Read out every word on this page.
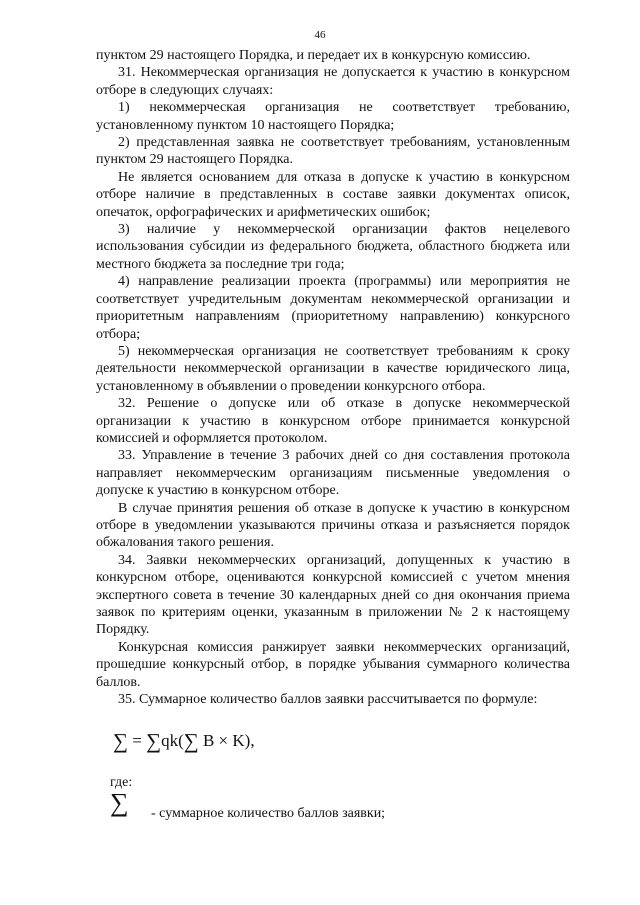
46

пунктом 29 настоящего Порядка, и передает их в конкурсную комиссию.

31. Некоммерческая организация не допускается к участию в конкурсном отборе в следующих случаях:

1) некоммерческая организация не соответствует требованию, установленному пунктом 10 настоящего Порядка;

2) представленная заявка не соответствует требованиям, установленным пунктом 29 настоящего Порядка.

Не является основанием для отказа в допуске к участию в конкурсном отборе наличие в представленных в составе заявки документах описок, опечаток, орфографических и арифметических ошибок;

3) наличие у некоммерческой организации фактов нецелевого использования субсидии из федерального бюджета, областного бюджета или местного бюджета за последние три года;

4) направление реализации проекта (программы) или мероприятия не соответствует учредительным документам некоммерческой организации и приоритетным направлениям (приоритетному направлению) конкурсного отбора;

5) некоммерческая организация не соответствует требованиям к сроку деятельности некоммерческой организации в качестве юридического лица, установленному в объявлении о проведении конкурсного отбора.

32. Решение о допуске или об отказе в допуске некоммерческой организации к участию в конкурсном отборе принимается конкурсной комиссией и оформляется протоколом.

33. Управление в течение 3 рабочих дней со дня составления протокола направляет некоммерческим организациям письменные уведомления о допуске к участию в конкурсном отборе.

В случае принятия решения об отказе в допуске к участию в конкурсном отборе в уведомлении указываются причины отказа и разъясняется порядок обжалования такого решения.

34. Заявки некоммерческих организаций, допущенных к участию в конкурсном отборе, оцениваются конкурсной комиссией с учетом мнения экспертного совета в течение 30 календарных дней со дня окончания приема заявок по критериям оценки, указанным в приложении № 2 к настоящему Порядку.

Конкурсная комиссия ранжирует заявки некоммерческих организаций, прошедшие конкурсный отбор, в порядке убывания суммарного количества баллов.

35. Суммарное количество баллов заявки рассчитывается по формуле:

∑ = ∑qk(∑ B × K),
где:
∑ - суммарное количество баллов заявки;
